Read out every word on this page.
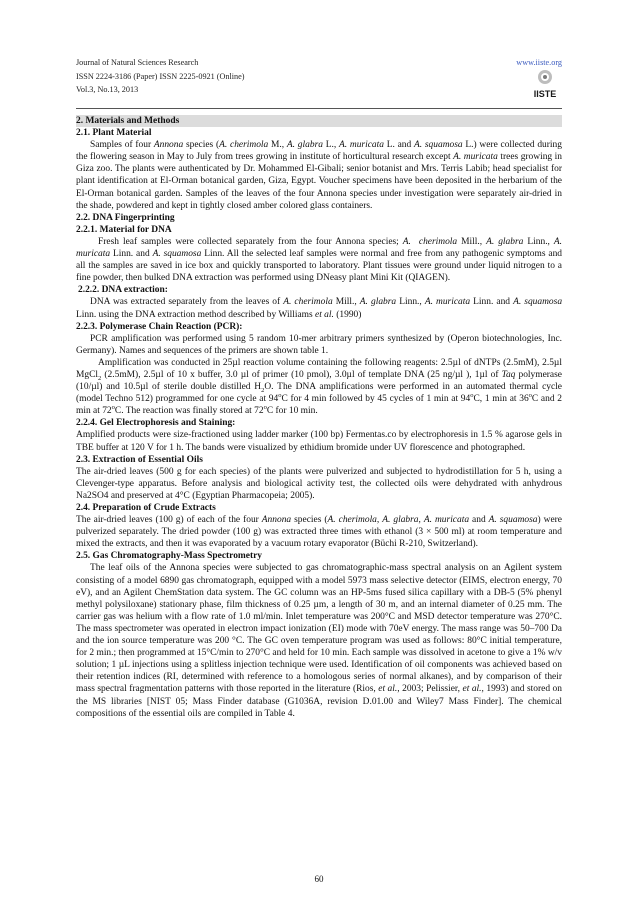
Journal of Natural Sciences Research
ISSN 2224-3186 (Paper) ISSN 2225-0921 (Online)
Vol.3, No.13, 2013
www.iiste.org
IISTE

2. Materials and Methods

2.1. Plant Material

Samples of four Annona species (A. cherimola M., A. glabra L., A. muricata L. and A. squamosa L.) were collected during the flowering season in May to July from trees growing in institute of horticultural research except A. muricata trees growing in Giza zoo. The plants were authenticated by Dr. Mohammed El-Gibali; senior botanist and Mrs. Terris Labib; head specialist for plant identification at El-Orman botanical garden, Giza, Egypt. Voucher specimens have been deposited in the herbarium of the El-Orman botanical garden. Samples of the leaves of the four Annona species under investigation were separately air-dried in the shade, powdered and kept in tightly closed amber colored glass containers.

2.2. DNA Fingerprinting

2.2.1. Material for DNA

Fresh leaf samples were collected separately from the four Annona species; A.  cherimola Mill., A. glabra Linn., A. muricata Linn. and A. squamosa Linn. All the selected leaf samples were normal and free from any pathogenic symptoms and all the samples are saved in ice box and quickly transported to laboratory. Plant tissues were ground under liquid nitrogen to a fine powder, then bulked DNA extraction was performed using DNeasy plant Mini Kit (QIAGEN).

2.2.2. DNA extraction:

DNA was extracted separately from the leaves of A. cherimola Mill., A. glabra Linn., A. muricata Linn. and A. squamosa Linn. using the DNA extraction method described by Williams et al. (1990)

2.2.3. Polymerase Chain Reaction (PCR):

PCR amplification was performed using 5 random 10-mer arbitrary primers synthesized by (Operon biotechnologies, Inc. Germany). Names and sequences of the primers are shown table 1.

Amplification was conducted in 25µl reaction volume containing the following reagents: 2.5µl of dNTPs (2.5mM), 2.5µl MgCl$_2$ (2.5mM), 2.5µl of 10 x buffer, 3.0 µl of primer (10 pmol), 3.0µl of template DNA (25 ng/µl ), 1µl of Taq polymerase (10/µl) and 10.5µl of sterile double distilled $H_2O$. The DNA amplifications were performed in an automated thermal cycle (model Techno 512) programmed for one cycle at 94$^o$C for 4 min followed by 45 cycles of 1 min at 94$^o$C, 1 min at 36$^o$C and 2 min at 72$^o$C. The reaction was finally stored at 72$^o$C for 10 min.

2.2.4. Gel Electrophoresis and Staining:

Amplified products were size-fractioned using ladder marker (100 bp) Fermentas.co by electrophoresis in 1.5 % agarose gels in TBE buffer at 120 V for 1 h. The bands were visualized by ethidium bromide under UV florescence and photographed.

2.3. Extraction of Essential Oils

The air-dried leaves (500 g for each species) of the plants were pulverized and subjected to hydrodistillation for 5 h, using a Clevenger-type apparatus. Before analysis and biological activity test, the collected oils were dehydrated with anhydrous Na2SO4 and preserved at 4°C (Egyptian Pharmacopeia; 2005).

2.4. Preparation of Crude Extracts

The air-dried leaves (100 g) of each of the four Annona species (A. cherimola, A. glabra, A. muricata and A. squamosa) were pulverized separately. The dried powder (100 g) was extracted three times with ethanol (3 × 500 ml) at room temperature and mixed the extracts, and then it was evaporated by a vacuum rotary evaporator (Büchi R-210, Switzerland).

2.5. Gas Chromatography-Mass Spectrometry

The leaf oils of the Annona species were subjected to gas chromatographic-mass spectral analysis on an Agilent system consisting of a model 6890 gas chromatograph, equipped with a model 5973 mass selective detector (EIMS, electron energy, 70 eV), and an Agilent ChemStation data system. The GC column was an HP-5ms fused silica capillary with a DB-5 (5% phenyl methyl polysiloxane) stationary phase, film thickness of 0.25 µm, a length of 30 m, and an internal diameter of 0.25 mm. The carrier gas was helium with a flow rate of 1.0 ml/min. Inlet temperature was 200°C and MSD detector temperature was 270°C. The mass spectrometer was operated in electron impact ionization (EI) mode with 70eV energy. The mass range was 50–700 Da and the ion source temperature was 200 °C. The GC oven temperature program was used as follows: 80°C initial temperature, for 2 min.; then programmed at 15°C/min to 270°C and held for 10 min. Each sample was dissolved in acetone to give a 1% w/v solution; 1 µL injections using a splitless injection technique were used. Identification of oil components was achieved based on their retention indices (RI, determined with reference to a homologous series of normal alkanes), and by comparison of their mass spectral fragmentation patterns with those reported in the literature (Rios, et al., 2003; Pelissier, et al., 1993) and stored on the MS libraries [NIST 05; Mass Finder database (G1036A, revision D.01.00 and Wiley7 Mass Finder]. The chemical compositions of the essential oils are compiled in Table 4.

60
